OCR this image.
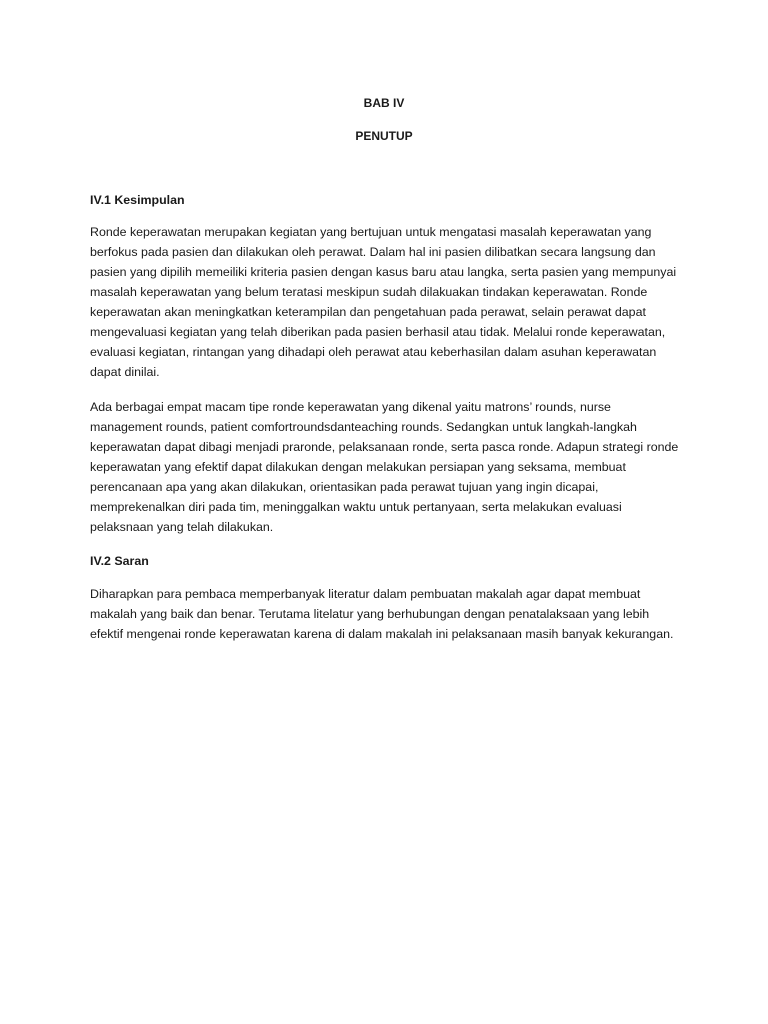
BAB IV
PENUTUP
IV.1 Kesimpulan

Ronde keperawatan merupakan kegiatan yang bertujuan untuk mengatasi masalah keperawatan yang berfokus pada pasien dan dilakukan oleh perawat. Dalam hal ini pasien dilibatkan secara langsung dan pasien yang dipilih memeiliki kriteria pasien dengan kasus baru atau langka, serta pasien yang mempunyai masalah keperawatan yang belum teratasi meskipun sudah dilakuakan tindakan keperawatan. Ronde keperawatan akan meningkatkan keterampilan dan pengetahuan pada perawat, selain perawat dapat mengevaluasi kegiatan yang telah diberikan pada pasien berhasil atau tidak. Melalui ronde keperawatan, evaluasi kegiatan, rintangan yang dihadapi oleh perawat atau keberhasilan dalam asuhan keperawatan dapat dinilai.

Ada berbagai empat macam tipe ronde keperawatan yang dikenal yaitu matrons’ rounds, nurse management rounds, patient comfortroundsdanteaching rounds. Sedangkan untuk langkah-langkah keperawatan dapat dibagi menjadi praronde, pelaksanaan ronde, serta pasca ronde. Adapun strategi ronde keperawatan yang efektif dapat dilakukan dengan melakukan persiapan yang seksama, membuat perencanaan apa yang akan dilakukan, orientasikan pada perawat tujuan yang ingin dicapai, memprekenalkan diri pada tim, meninggalkan waktu untuk pertanyaan, serta melakukan evaluasi pelaksnaan yang telah dilakukan.

IV.2 Saran

Diharapkan para pembaca memperbanyak literatur dalam pembuatan makalah agar dapat membuat makalah yang baik dan benar. Terutama litelatur yang berhubungan dengan penatalaksaan yang lebih efektif mengenai ronde keperawatan karena di dalam makalah ini pelaksanaan masih banyak kekurangan.
